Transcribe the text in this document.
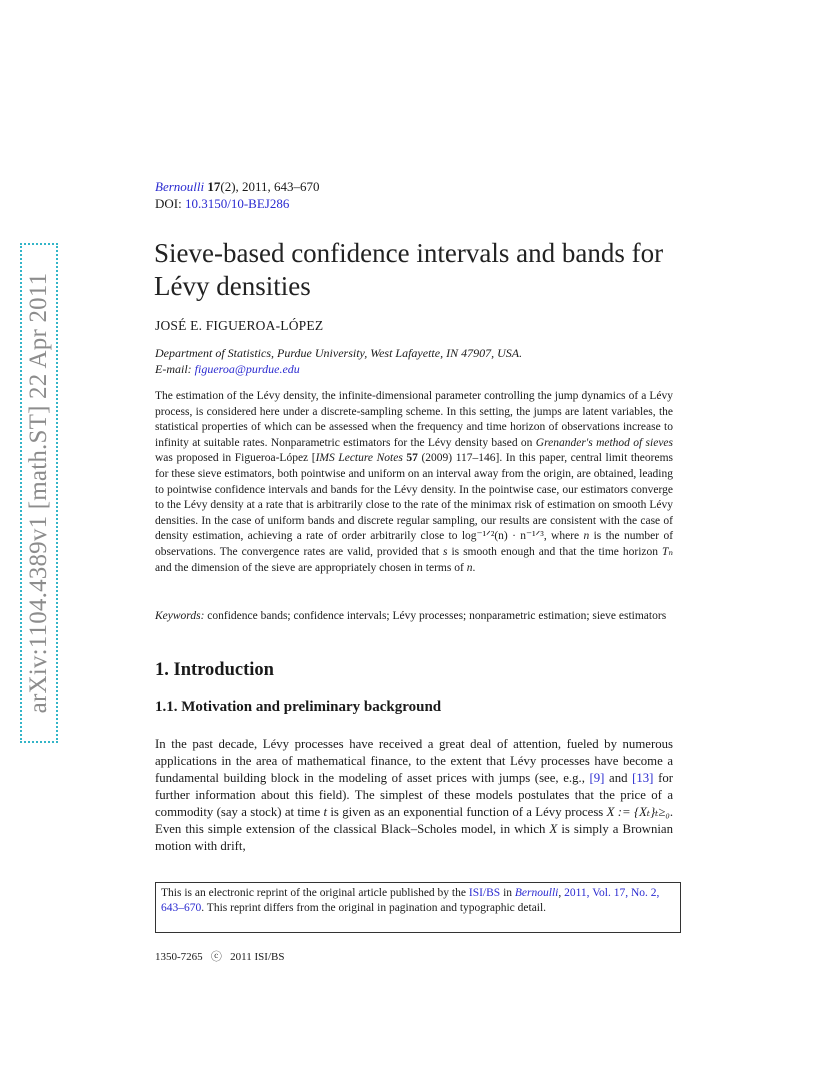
arXiv:1104.4389v1 [math.ST] 22 Apr 2011
Bernoulli 17(2), 2011, 643–670
DOI: 10.3150/10-BEJ286
Sieve-based confidence intervals and bands for Lévy densities
JOSÉ E. FIGUEROA-LÓPEZ
Department of Statistics, Purdue University, West Lafayette, IN 47907, USA.
E-mail: figueroa@purdue.edu

The estimation of the Lévy density, the infinite-dimensional parameter controlling the jump dynamics of a Lévy process, is considered here under a discrete-sampling scheme. In this setting, the jumps are latent variables, the statistical properties of which can be assessed when the frequency and time horizon of observations increase to infinity at suitable rates. Nonparametric estimators for the Lévy density based on Grenander's method of sieves was proposed in Figueroa-López [IMS Lecture Notes 57 (2009) 117–146]. In this paper, central limit theorems for these sieve estimators, both pointwise and uniform on an interval away from the origin, are obtained, leading to pointwise confidence intervals and bands for the Lévy density. In the pointwise case, our estimators converge to the Lévy density at a rate that is arbitrarily close to the rate of the minimax risk of estimation on smooth Lévy densities. In the case of uniform bands and discrete regular sampling, our results are consistent with the case of density estimation, achieving a rate of order arbitrarily close to log⁻¹ᐟ²(n) · n⁻¹ᐟ³, where n is the number of observations. The convergence rates are valid, provided that s is smooth enough and that the time horizon Tₙ and the dimension of the sieve are appropriately chosen in terms of n.

Keywords: confidence bands; confidence intervals; Lévy processes; nonparametric estimation; sieve estimators

1. Introduction
1.1. Motivation and preliminary background

In the past decade, Lévy processes have received a great deal of attention, fueled by numerous applications in the area of mathematical finance, to the extent that Lévy processes have become a fundamental building block in the modeling of asset prices with jumps (see, e.g., [9] and [13] for further information about this field). The simplest of these models postulates that the price of a commodity (say a stock) at time t is given as an exponential function of a Lévy process X := {Xₜ}ₜ≥₀. Even this simple extension of the classical Black–Scholes model, in which X is simply a Brownian motion with drift,

This is an electronic reprint of the original article published by the ISI/BS in Bernoulli, 2011, Vol. 17, No. 2, 643–670. This reprint differs from the original in pagination and typographic detail.
1350-7265 ⓒ 2011 ISI/BS
